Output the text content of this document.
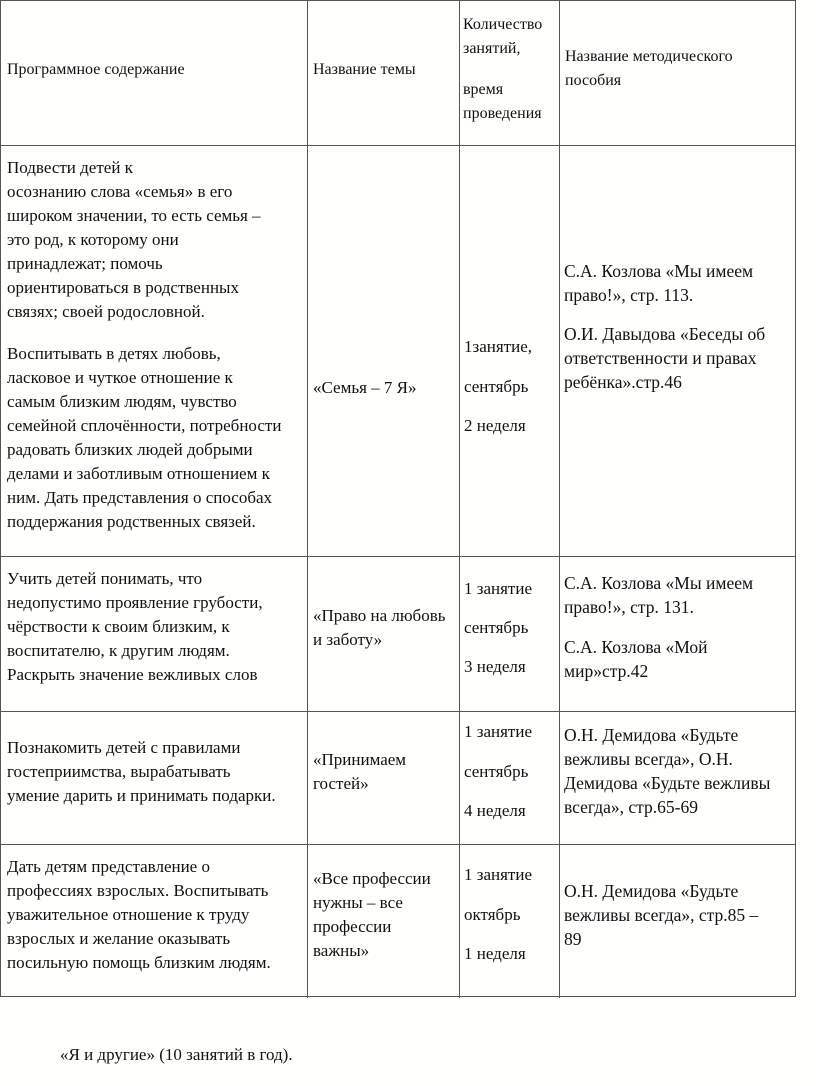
Программное содержание	Название темы
Количество
занятий,
время
проведения
Название методического
пособия
Подвести детей к
осознанию слова «семья» в его
широком значении, то есть семья –
это род, к которому они
принадлежат; помочь
ориентироваться в родственных
связях; своей родословной.
Воспитывать в детях любовь,
ласковое и чуткое отношение к
самым близким людям, чувство
семейной сплочённости, потребности
радовать близких людей добрыми
делами и заботливым отношением к
ним. Дать представления о способах
поддержания родственных связей.
«Семья – 7 Я»
1занятие,
сентябрь
2 неделя
С.А. Козлова «Мы имеем
право!», стр. 113.
О.И. Давыдова «Беседы об
ответственности и правах
ребёнка».стр.46
Учить детей понимать, что
недопустимо проявление грубости,
чёрствости к своим близким, к
воспитателю, к другим людям.
Раскрыть значение вежливых слов
«Право на любовь
и заботу»
1 занятие
сентябрь
3 неделя
С.А. Козлова «Мы имеем
право!», стр. 131.
С.А. Козлова «Мой
мир»стр.42
Познакомить детей с правилами
гостеприимства, вырабатывать
умение дарить и принимать подарки.
«Принимаем
гостей»
1 занятие
сентябрь
4 неделя
О.Н. Демидова «Будьте
вежливы всегда», О.Н.
Демидова «Будьте вежливы
всегда», стр.65-69
Дать детям представление о
профессиях взрослых. Воспитывать
уважительное отношение к труду
взрослых и желание оказывать
посильную помощь близким людям.
«Все профессии
нужны – все
профессии
важны»
1 занятие
октябрь
1 неделя
О.Н. Демидова «Будьте
вежливы всегда», стр.85 –
89
«Я и другие» (10 занятий в год).
